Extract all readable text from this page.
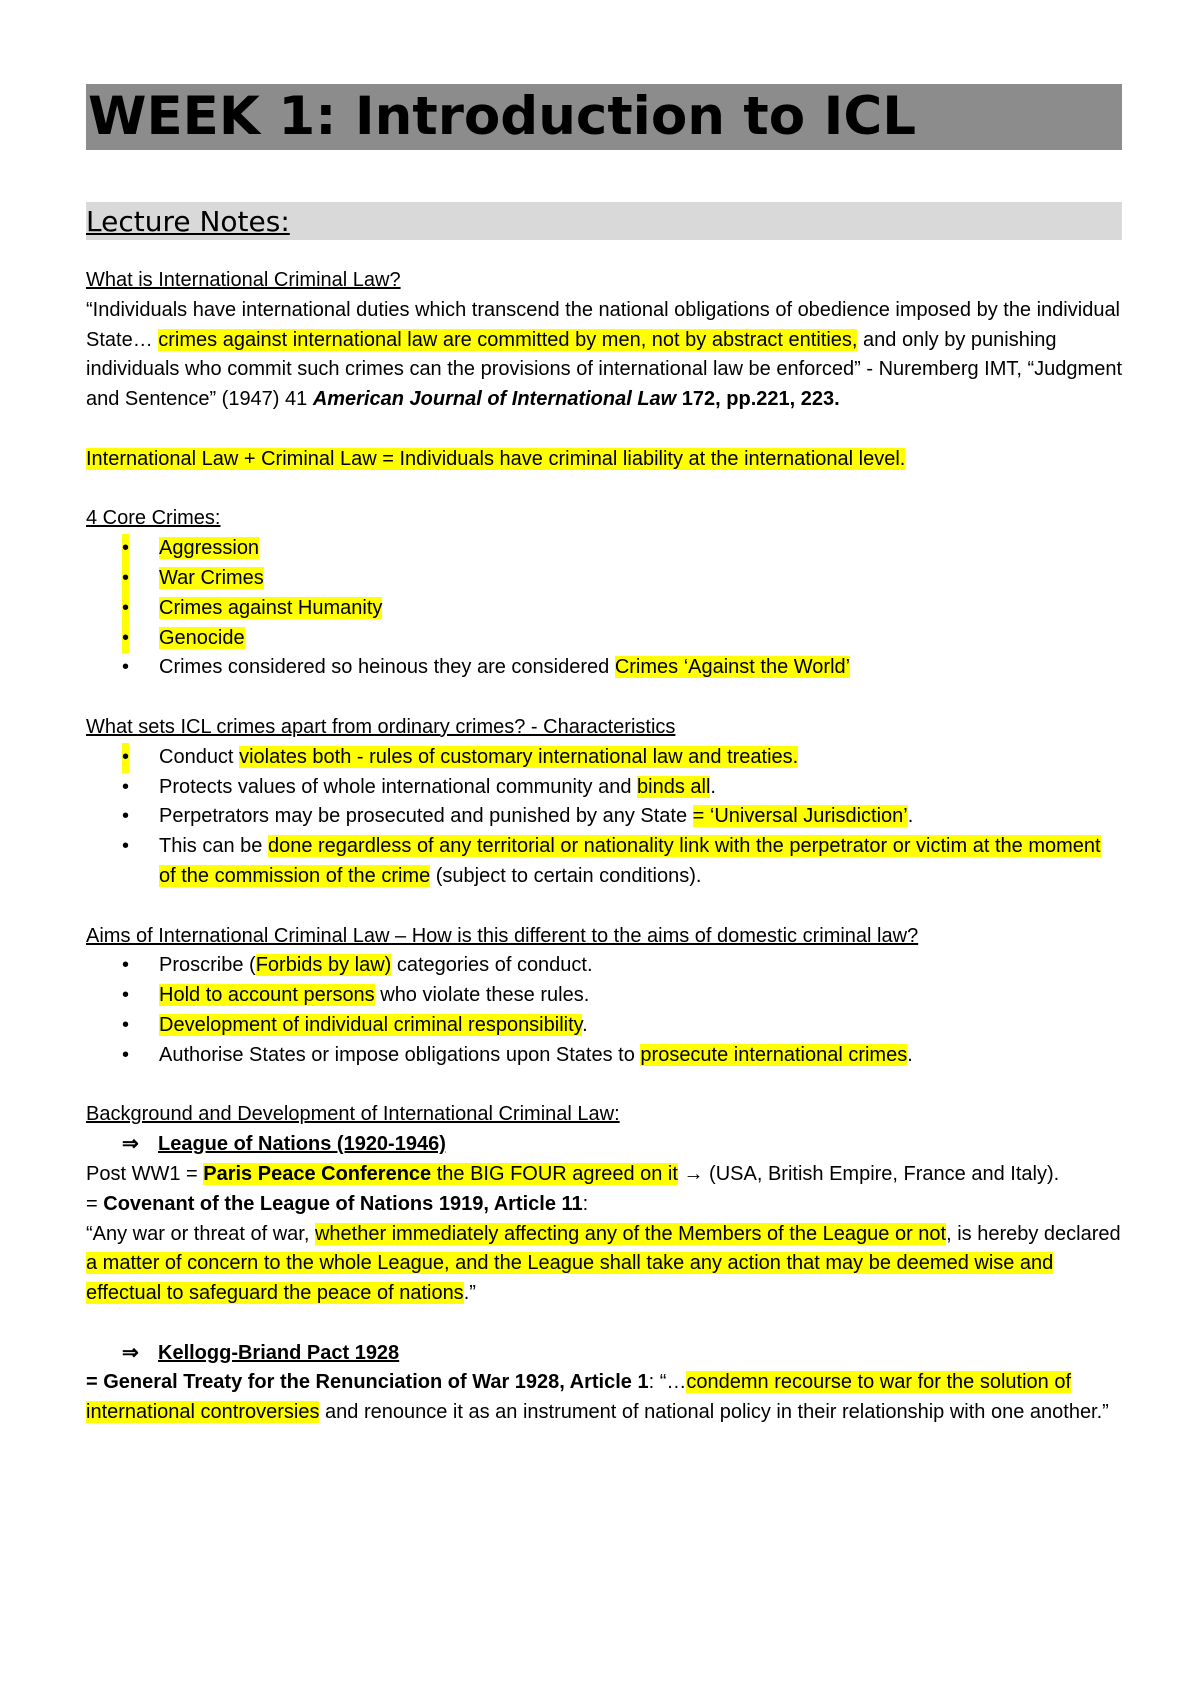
WEEK 1: Introduction to ICL
Lecture Notes:

What is International Criminal Law?

“Individuals have international duties which transcend the national obligations of obedience imposed by the individual State… crimes against international law are committed by men, not by abstract entities, and only by punishing individuals who commit such crimes can the provisions of international law be enforced” - Nuremberg IMT, “Judgment and Sentence” (1947) 41 American Journal of International Law 172, pp.221, 223.

International Law + Criminal Law = Individuals have criminal liability at the international level.

4 Core Crimes:

• Aggression
• War Crimes
• Crimes against Humanity
• Genocide
• Crimes considered so heinous they are considered Crimes ‘Against the World’

What sets ICL crimes apart from ordinary crimes? - Characteristics

• Conduct violates both - rules of customary international law and treaties.
• Protects values of whole international community and binds all.
• Perpetrators may be prosecuted and punished by any State = ‘Universal Jurisdiction’.
• This can be done regardless of any territorial or nationality link with the perpetrator or victim at the moment of the commission of the crime (subject to certain conditions).

Aims of International Criminal Law – How is this different to the aims of domestic criminal law?

• Proscribe (Forbids by law) categories of conduct.
• Hold to account persons who violate these rules.
• Development of individual criminal responsibility.
• Authorise States or impose obligations upon States to prosecute international crimes.

Background and Development of International Criminal Law:

⇒ League of Nations (1920-1946)

Post WW1 = Paris Peace Conference the BIG FOUR agreed on it → (USA, British Empire, France and Italy).

= Covenant of the League of Nations 1919, Article 11:

“Any war or threat of war, whether immediately affecting any of the Members of the League or not, is hereby declared a matter of concern to the whole League, and the League shall take any action that may be deemed wise and effectual to safeguard the peace of nations.”

⇒ Kellogg-Briand Pact 1928

= General Treaty for the Renunciation of War 1928, Article 1: “…condemn recourse to war for the solution of international controversies and renounce it as an instrument of national policy in their relationship with one another.”
